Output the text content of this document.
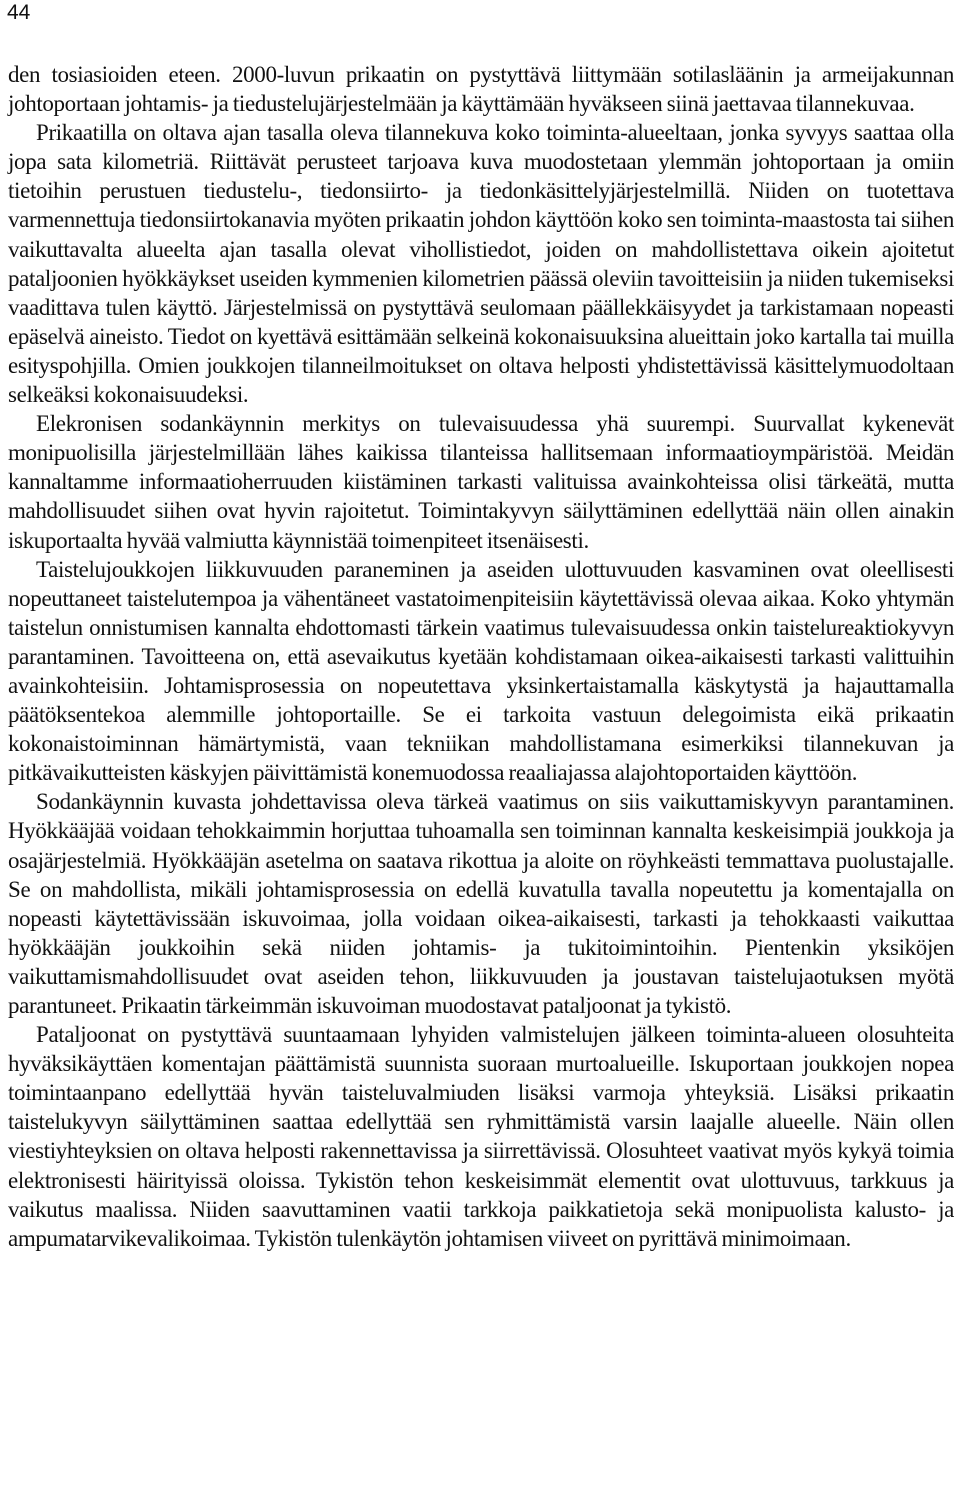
44

den tosiasioiden eteen. 2000-luvun prikaatin on pystyttävä liittymään sotilasläänin ja armeijakunnan johtoportaan johtamis- ja tiedustelujärjestelmään ja käyttämään hyväkseen siinä jaettavaa tilannekuvaa.

Prikaatilla on oltava ajan tasalla oleva tilannekuva koko toiminta-alueeltaan, jonka syvyys saattaa olla jopa sata kilometriä. Riittävät perusteet tarjoava kuva muodostetaan ylemmän johtoportaan ja omiin tietoihin perustuen tiedustelu-, tiedonsiirto- ja tiedonkäsittelyjärjestelmillä. Niiden on tuotettava varmennettuja tiedonsiirtokanavia myöten prikaatin johdon käyttöön koko sen toiminta-maastosta tai siihen vaikuttavalta alueelta ajan tasalla olevat vihollistiedot, joiden on mahdollistettava oikein ajoitetut pataljoonien hyökkäykset useiden kymmenien kilometrien päässä oleviin tavoitteisiin ja niiden tukemiseksi vaadittava tulen käyttö. Järjestelmissä on pystyttävä seulomaan päällekkäisyydet ja tarkistamaan nopeasti epäselvä aineisto. Tiedot on kyettävä esittämään selkeinä kokonaisuuksina alueittain joko kartalla tai muilla esityspohjilla. Omien joukkojen tilanneilmoitukset on oltava helposti yhdistettävissä käsittelymuodoltaan selkeäksi kokonaisuudeksi.

Elekronisen sodankäynnin merkitys on tulevaisuudessa yhä suurempi. Suurvallat kykenevät monipuolisilla järjestelmillään lähes kaikissa tilanteissa hallitsemaan informaatioympäristöä. Meidän kannaltamme informaatioherruuden kiistäminen tarkasti valituissa avainkohteissa olisi tärkeätä, mutta mahdollisuudet siihen ovat hyvin rajoitetut. Toimintakyvyn säilyttäminen edellyttää näin ollen ainakin iskuportaalta hyvää valmiutta käynnistää toimenpiteet itsenäisesti.

Taistelujoukkojen liikkuvuuden paraneminen ja aseiden ulottuvuuden kasvaminen ovat oleellisesti nopeuttaneet taistelutempoa ja vähentäneet vastatoimenpiteisiin käytettävissä olevaa aikaa. Koko yhtymän taistelun onnistumisen kannalta ehdottomasti tärkein vaatimus tulevaisuudessa onkin taistelureaktiokyvyn parantaminen. Tavoitteena on, että asevaikutus kyetään kohdistamaan oikea-aikaisesti tarkasti valittuihin avainkohteisiin. Johtamisprosessia on nopeutettava yksinkertaistamalla käskytystä ja hajauttamalla päätöksentekoa alemmille johtoportaille. Se ei tarkoita vastuun delegoimista eikä prikaatin kokonaistoiminnan hämärtymistä, vaan tekniikan mahdollistamana esimerkiksi tilannekuvan ja pitkävaikutteisten käskyjen päivittämistä konemuodossa reaaliajassa alajohtoportaiden käyttöön.

Sodankäynnin kuvasta johdettavissa oleva tärkeä vaatimus on siis vaikuttamiskyvyn parantaminen. Hyökkääjää voidaan tehokkaimmin horjuttaa tuhoamalla sen toiminnan kannalta keskeisimpiä joukkoja ja osajärjestelmiä. Hyökkääjän asetelma on saatava rikottua ja aloite on röyhkeästi temmattava puolustajalle. Se on mahdollista, mikäli johtamisprosessia on edellä kuvatulla tavalla nopeutettu ja komentajalla on nopeasti käytettävissään iskuvoimaa, jolla voidaan oikea-aikaisesti, tarkasti ja tehokkaasti vaikuttaa hyökkääjän joukkoihin sekä niiden johtamis- ja tukitoimintoihin. Pientenkin yksiköjen vaikuttamismahdollisuudet ovat aseiden tehon, liikkuvuuden ja joustavan taistelujaotuksen myötä parantuneet. Prikaatin tärkeimmän iskuvoiman muodostavat pataljoonat ja tykistö.

Pataljoonat on pystyttävä suuntaamaan lyhyiden valmistelujen jälkeen toiminta-alueen olosuhteita hyväksikäyttäen komentajan päättämistä suunnista suoraan murtoalueille. Iskuportaan joukkojen nopea toimintaanpano edellyttää hyvän taisteluvalmiuden lisäksi varmoja yhteyksiä. Lisäksi prikaatin taistelukyvyn säilyttäminen saattaa edellyttää sen ryhmittämistä varsin laajalle alueelle. Näin ollen viestiyhteyksien on oltava helposti rakennettavissa ja siirrettävissä. Olosuhteet vaativat myös kykyä toimia elektronisesti häirityissä oloissa. Tykistön tehon keskeisimmät elementit ovat ulottuvuus, tarkkuus ja vaikutus maalissa. Niiden saavuttaminen vaatii tarkkoja paikkatietoja sekä monipuolista kalusto- ja ampumatarvikevalikoimaa. Tykistön tulenkäytön johtamisen viiveet on pyrittävä minimoimaan.
